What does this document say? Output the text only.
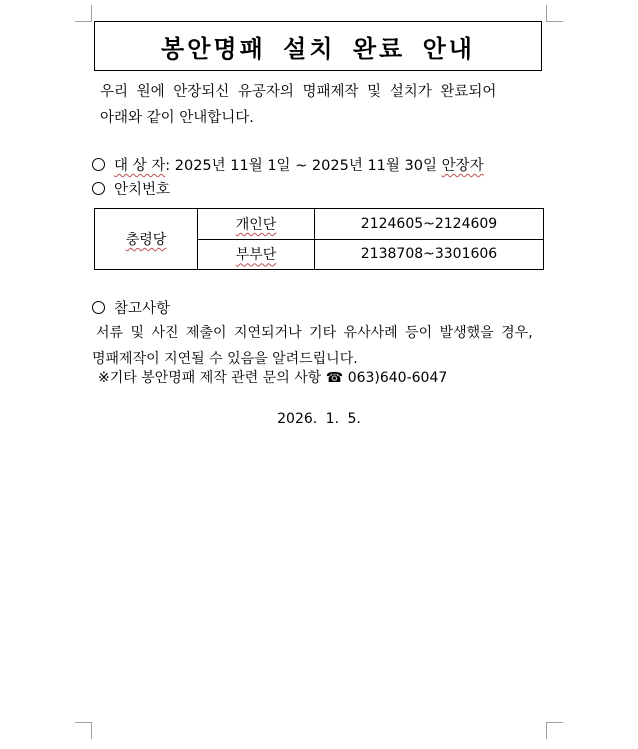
봉안명패 설치 완료 안내
우리 원에 안장되신 유공자의 명패제작 및 설치가 완료되어
아래와 같이 안내합니다.
대 상 자: 2025년 11월 1일 ~ 2025년 11월 30일 안장자
안치번호
충령당	개인단	2124605~2124609
	부부단	2138708~3301606
참고사항
서류 및 사진 제출이 지연되거나 기타 유사사례 등이 발생했을 경우,
명패제작이 지연될 수 있음을 알려드립니다.
※기타 봉안명패 제작 관련 문의 사항 ☎ 063)640-6047
2026. 1. 5.
